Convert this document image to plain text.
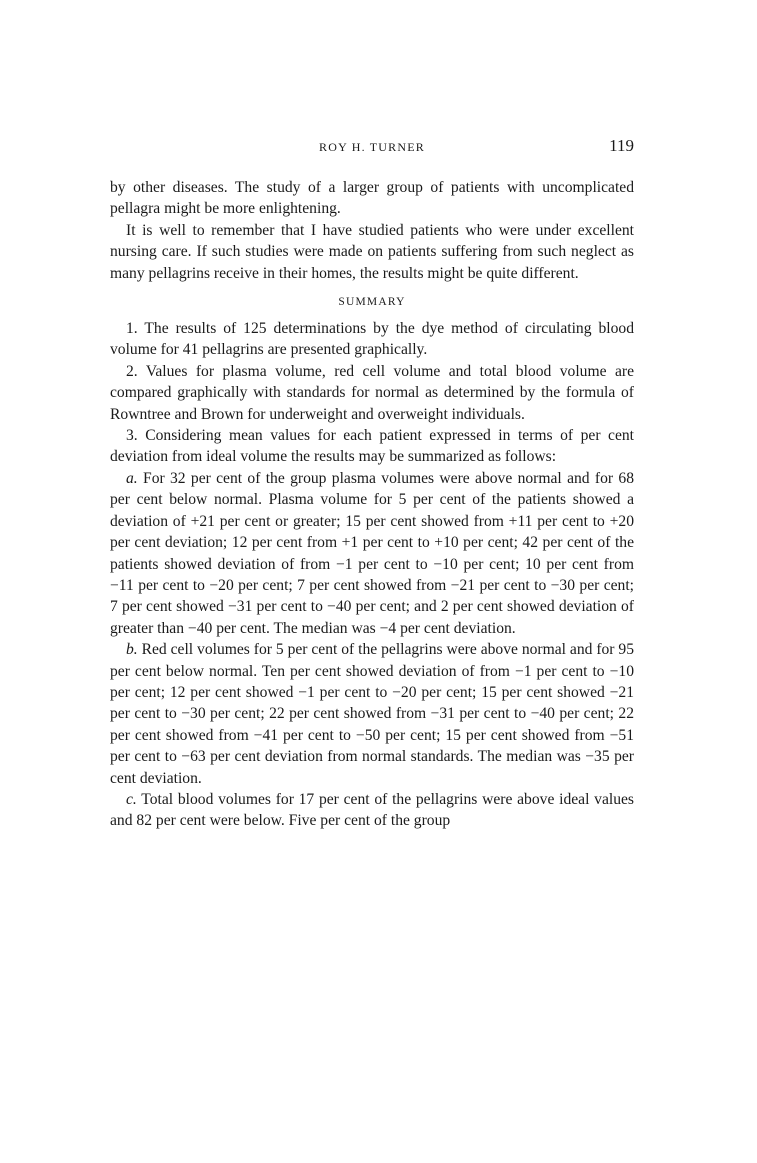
ROY H. TURNER	119

by other diseases. The study of a larger group of patients with uncomplicated pellagra might be more enlightening.

It is well to remember that I have studied patients who were under excellent nursing care. If such studies were made on patients suffering from such neglect as many pellagrins receive in their homes, the results might be quite different.

SUMMARY

1. The results of 125 determinations by the dye method of circulating blood volume for 41 pellagrins are presented graphically.

2. Values for plasma volume, red cell volume and total blood volume are compared graphically with standards for normal as determined by the formula of Rowntree and Brown for underweight and overweight individuals.

3. Considering mean values for each patient expressed in terms of per cent deviation from ideal volume the results may be summarized as follows:

a. For 32 per cent of the group plasma volumes were above normal and for 68 per cent below normal. Plasma volume for 5 per cent of the patients showed a deviation of +21 per cent or greater; 15 per cent showed from +11 per cent to +20 per cent deviation; 12 per cent from +1 per cent to +10 per cent; 42 per cent of the patients showed deviation of from −1 per cent to −10 per cent; 10 per cent from −11 per cent to −20 per cent; 7 per cent showed from −21 per cent to −30 per cent; 7 per cent showed −31 per cent to −40 per cent; and 2 per cent showed deviation of greater than −40 per cent. The median was −4 per cent deviation.

b. Red cell volumes for 5 per cent of the pellagrins were above normal and for 95 per cent below normal. Ten per cent showed deviation of from −1 per cent to −10 per cent; 12 per cent showed −1 per cent to −20 per cent; 15 per cent showed −21 per cent to −30 per cent; 22 per cent showed from −31 per cent to −40 per cent; 22 per cent showed from −41 per cent to −50 per cent; 15 per cent showed from −51 per cent to −63 per cent deviation from normal standards. The median was −35 per cent deviation.

c. Total blood volumes for 17 per cent of the pellagrins were above ideal values and 82 per cent were below. Five per cent of the group
